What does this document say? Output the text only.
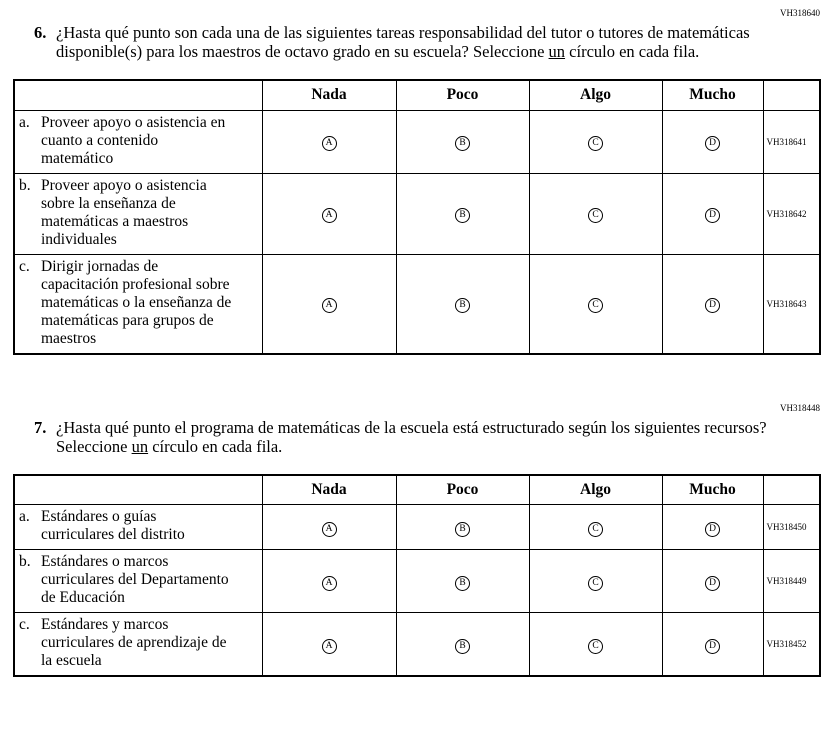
VH318640
6. ¿Hasta qué punto son cada una de las siguientes tareas responsabilidad del tutor o tutores de matemáticas disponible(s) para los maestros de octavo grado en su escuela? Seleccione un círculo en cada fila.
	Nada	Poco	Algo	Mucho	

a. Proveer apoyo o asistencia en cuanto a contenido matemático	A	B	C	D	VH318641

b. Proveer apoyo o asistencia sobre la enseñanza de matemáticas a maestros individuales	A	B	C	D	VH318642

c. Dirigir jornadas de capacitación profesional sobre matemáticas o la enseñanza de matemáticas para grupos de maestros	A	B	C	D	VH318643
VH318448
7. ¿Hasta qué punto el programa de matemáticas de la escuela está estructurado según los siguientes recursos? Seleccione un círculo en cada fila.
	Nada	Poco	Algo	Mucho	

a. Estándares o guías curriculares del distrito	A	B	C	D	VH318450

b. Estándares o marcos curriculares del Departamento de Educación	A	B	C	D	VH318449

c. Estándares y marcos curriculares de aprendizaje de la escuela	A	B	C	D	VH318452
